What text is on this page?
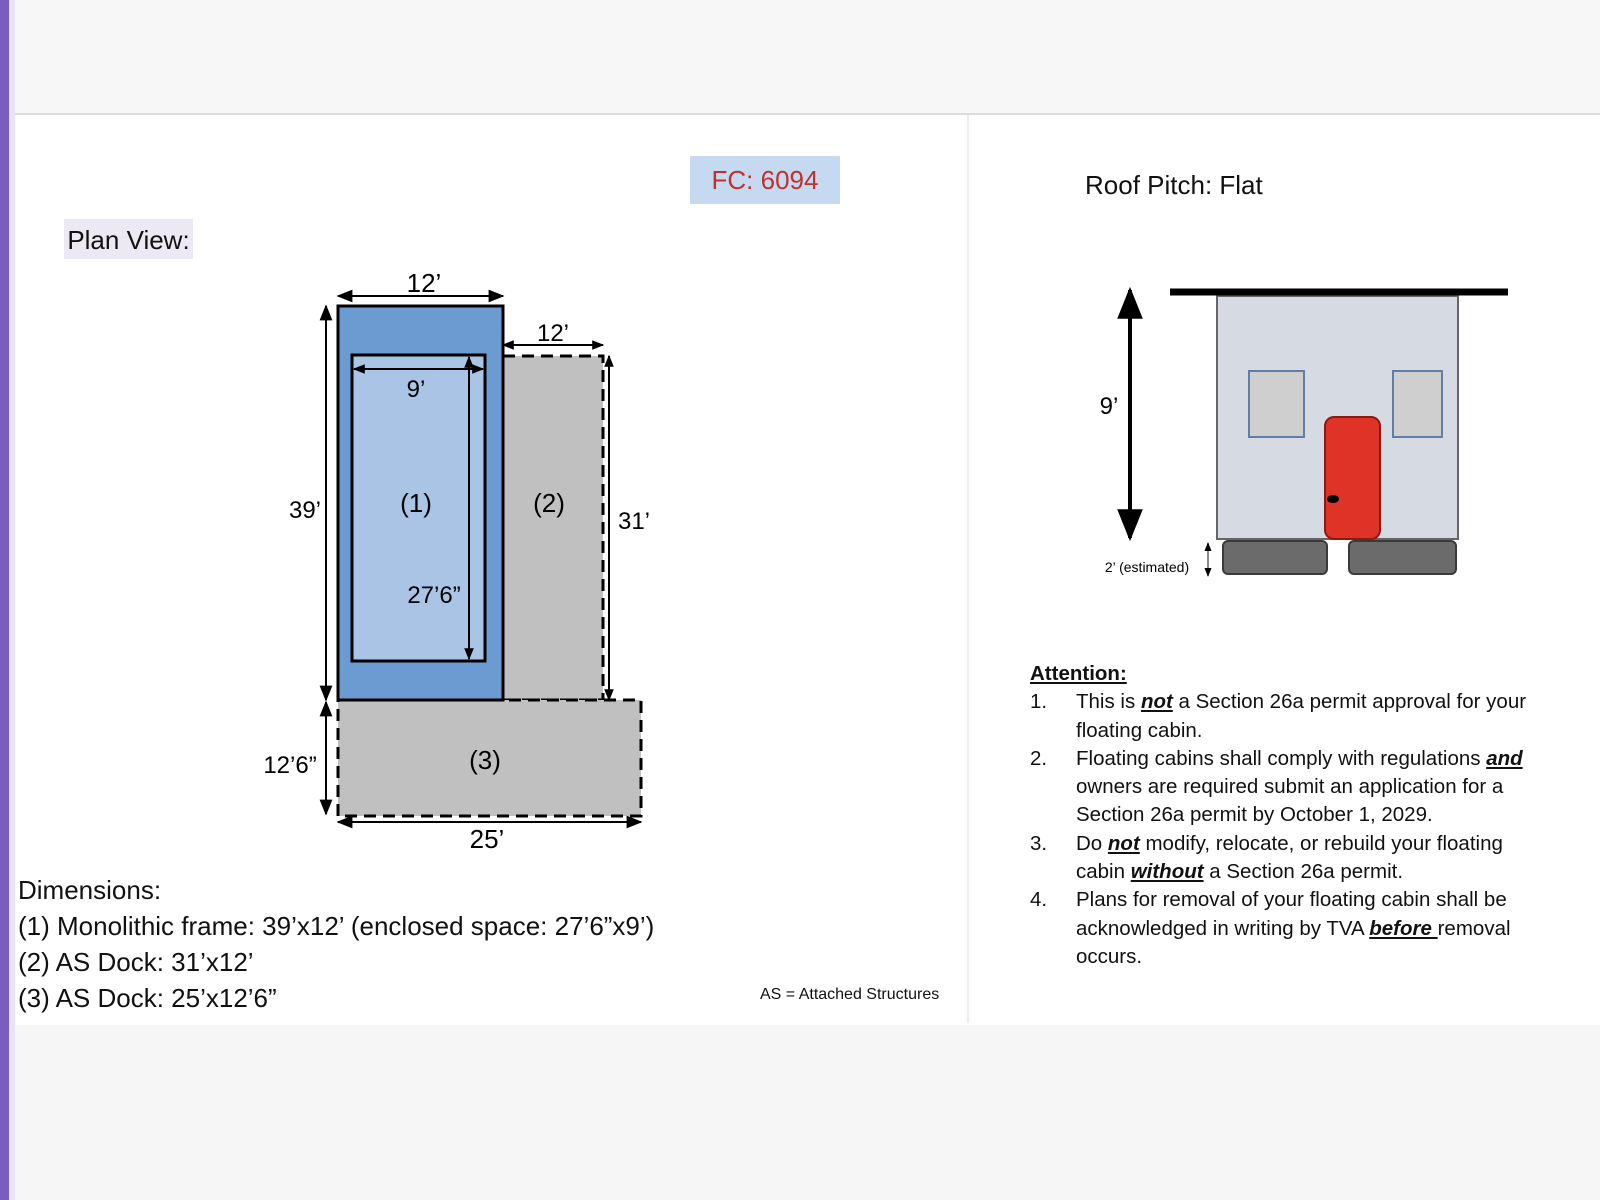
FC: 6094
Plan View:
12’
12’
9’
39’
27’6”
31’
12’6”
25’
(1)	(2)
(3)
9’
2’ (estimated)
Dimensions:
(1) Monolithic frame: 39’x12’ (enclosed space: 27’6”x9’)
(2) AS Dock: 31’x12’
(3) AS Dock: 25’x12’6”	AS = Attached Structures
Roof Pitch: Flat
Attention:
1. This is not a Section 26a permit approval for your floating cabin.
2. Floating cabins shall comply with regulations and owners are required submit an application for a Section 26a permit by October 1, 2029.
3. Do not modify, relocate, or rebuild your floating cabin without a Section 26a permit.
4. Plans for removal of your floating cabin shall be acknowledged in writing by TVA before removal occurs.
